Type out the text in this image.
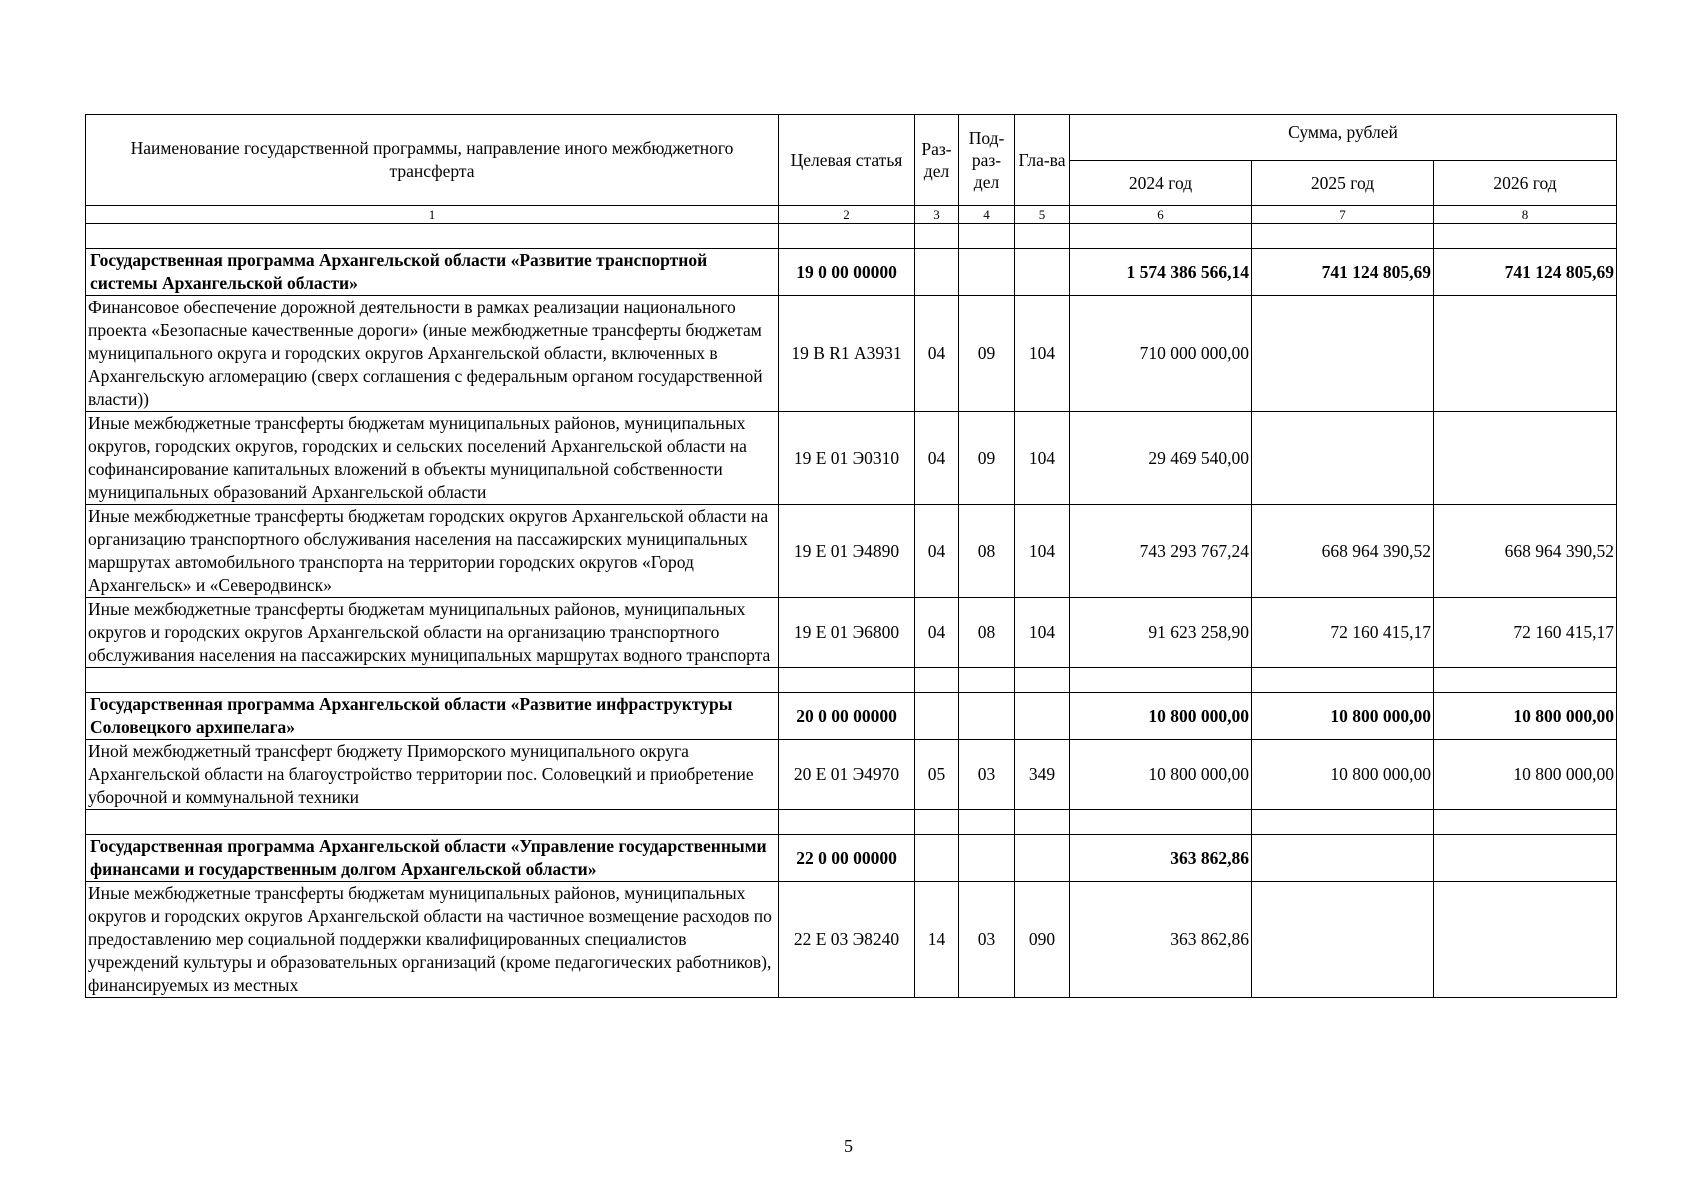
Наименование государственной программы, направление иного межбюджетного трансферта	Целевая статья	Раз-дел	Под-раз-дел	Гла-ва	Сумма, рублей		
					2024 год	2025 год	2026 год
1	2	3	4	5	6	7	8

Государственная программа Архангельской области «Развитие транспортной системы Архангельской области»	19 0 00 00000				1 574 386 566,14	741 124 805,69	741 124 805,69
Финансовое обеспечение дорожной деятельности в рамках реализации национального проекта «Безопасные качественные дороги» (иные межбюджетные трансферты бюджетам муниципального округа и городских округов Архангельской области, включенных в Архангельскую агломерацию (сверх соглашения с федеральным органом государственной власти))	19 В R1 А3931	04	09	104	710 000 000,00		
Иные межбюджетные трансферты бюджетам муниципальных районов, муниципальных округов, городских округов, городских и сельских поселений Архангельской области на софинансирование капитальных вложений в объекты муниципальной собственности муниципальных образований Архангельской области	19 Е 01 Э0310	04	09	104	29 469 540,00		
Иные межбюджетные трансферты бюджетам городских округов Архангельской области на организацию транспортного обслуживания населения на пассажирских муниципальных маршрутах автомобильного транспорта на территории городских округов «Город Архангельск» и «Северодвинск»	19 Е 01 Э4890	04	08	104	743 293 767,24	668 964 390,52	668 964 390,52
Иные межбюджетные трансферты бюджетам муниципальных районов, муниципальных округов и городских округов Архангельской области на организацию транспортного обслуживания населения на пассажирских муниципальных маршрутах водного транспорта	19 Е 01 Э6800	04	08	104	91 623 258,90	72 160 415,17	72 160 415,17

Государственная программа Архангельской области «Развитие инфраструктуры Соловецкого архипелага»	20 0 00 00000				10 800 000,00	10 800 000,00	10 800 000,00
Иной межбюджетный трансферт бюджету Приморского муниципального округа Архангельской области на благоустройство территории пос. Соловецкий и приобретение уборочной и коммунальной техники	20 Е 01 Э4970	05	03	349	10 800 000,00	10 800 000,00	10 800 000,00

Государственная программа Архангельской области «Управление государственными финансами и государственным долгом Архангельской области»	22 0 00 00000				363 862,86		
Иные межбюджетные трансферты бюджетам муниципальных районов, муниципальных округов и городских округов Архангельской области на частичное возмещение расходов по предоставлению мер социальной поддержки квалифицированных специалистов учреждений культуры и образовательных организаций (кроме педагогических работников), финансируемых из местных	22 Е 03 Э8240	14	03	090	363 862,86		
5
